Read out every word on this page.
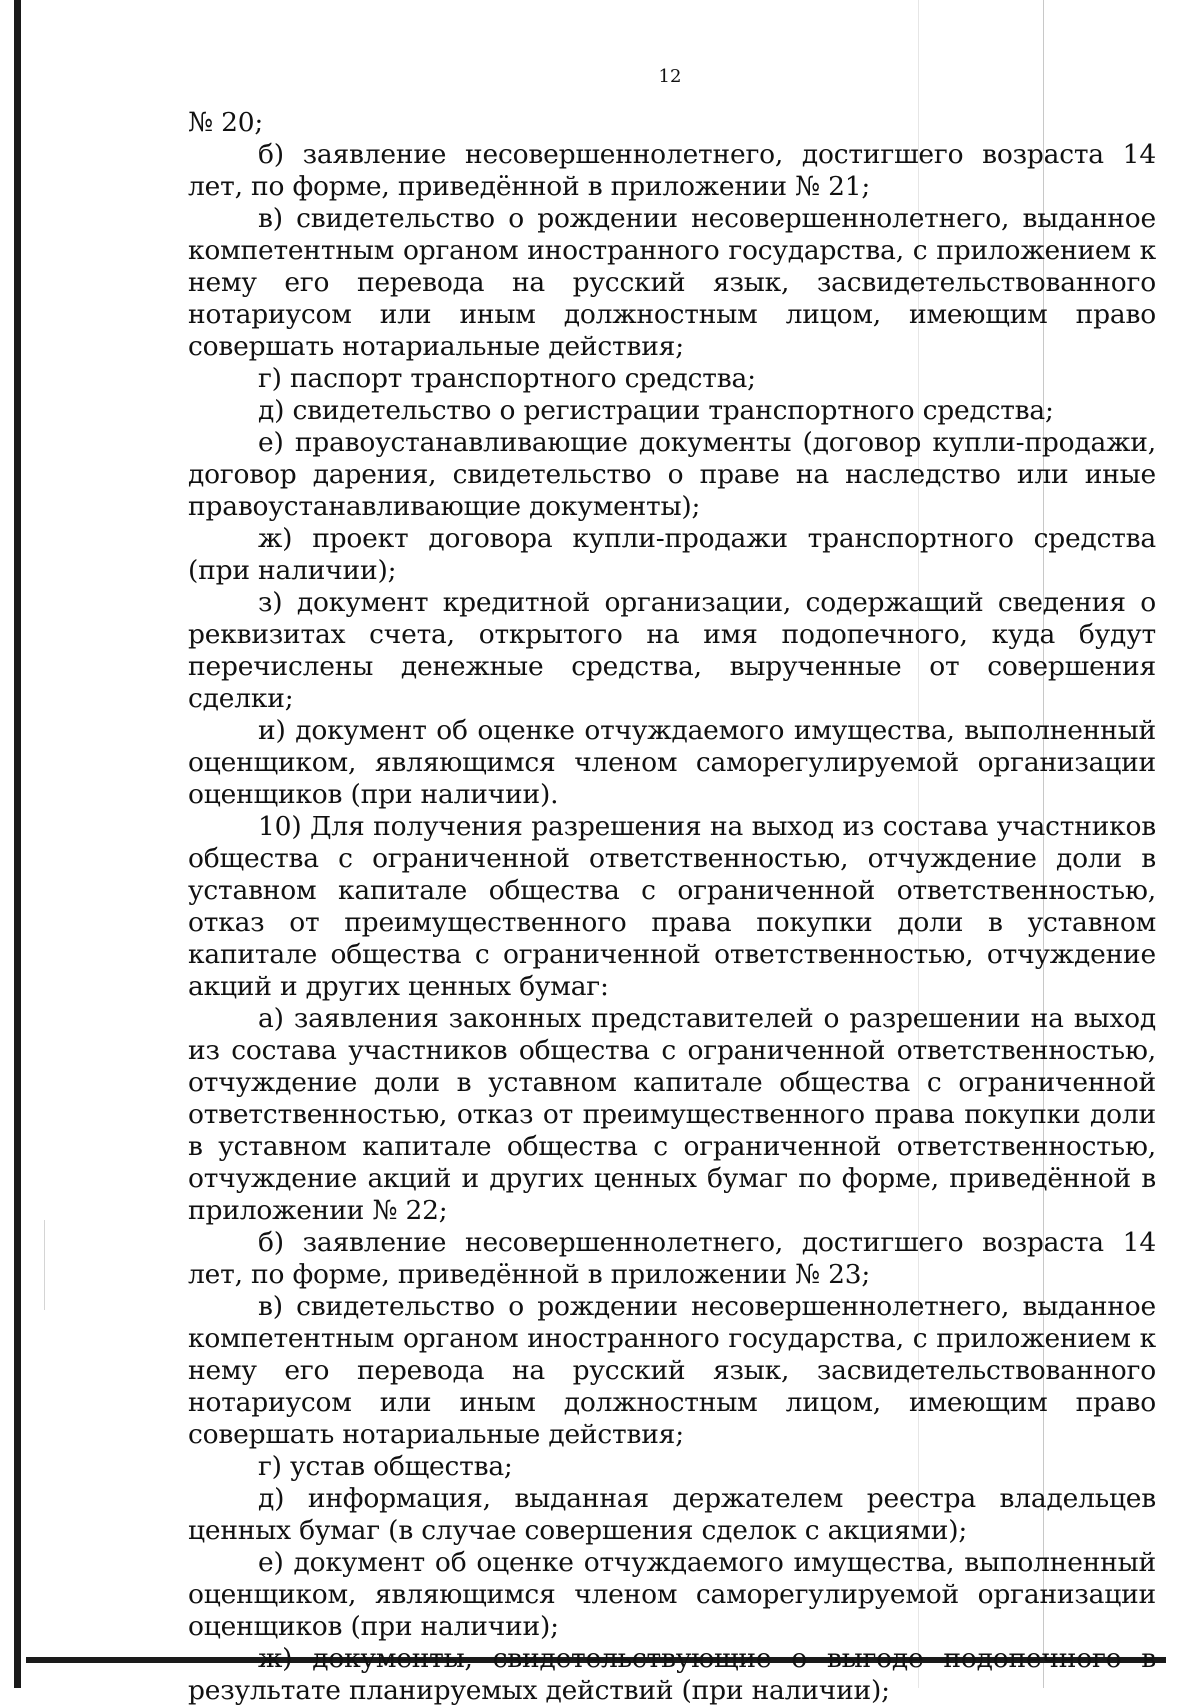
12

№ 20;

б) заявление несовершеннолетнего, достигшего возраста 14 лет, по форме, приведённой в приложении № 21;

в) свидетельство о рождении несовершеннолетнего, выданное компетентным органом иностранного государства, с приложением к нему его перевода на русский язык, засвидетельствованного нотариусом или иным должностным лицом, имеющим право совершать нотариальные действия;

г) паспорт транспортного средства;

д) свидетельство о регистрации транспортного средства;

е) правоустанавливающие документы (договор купли-продажи, договор дарения, свидетельство о праве на наследство или иные правоустанавливающие документы);

ж) проект договора купли-продажи транспортного средства (при наличии);

з) документ кредитной организации, содержащий сведения о реквизитах счета, открытого на имя подопечного, куда будут перечислены денежные средства, вырученные от совершения сделки;

и) документ об оценке отчуждаемого имущества, выполненный оценщиком, являющимся членом саморегулируемой организации оценщиков (при наличии).

10) Для получения разрешения на выход из состава участников общества с ограниченной ответственностью, отчуждение доли в уставном капитале общества с ограниченной ответственностью, отказ от преимущественного права покупки доли в уставном капитале общества с ограниченной ответственностью, отчуждение акций и других ценных бумаг:

а) заявления законных представителей о разрешении на выход из состава участников общества с ограниченной ответственностью, отчуждение доли в уставном капитале общества с ограниченной ответственностью, отказ от преимущественного права покупки доли в уставном капитале общества с ограниченной ответственностью, отчуждение акций и других ценных бумаг по форме, приведённой в приложении № 22;

б) заявление несовершеннолетнего, достигшего возраста 14 лет, по форме, приведённой в приложении № 23;

в) свидетельство о рождении несовершеннолетнего, выданное компетентным органом иностранного государства, с приложением к нему его перевода на русский язык, засвидетельствованного нотариусом или иным должностным лицом, имеющим право совершать нотариальные действия;

г) устав общества;

д) информация, выданная держателем реестра владельцев ценных бумаг (в случае совершения сделок с акциями);

е) документ об оценке отчуждаемого имущества, выполненный оценщиком, являющимся членом саморегулируемой организации оценщиков (при наличии);

ж) документы, свидетельствующие о выгоде подопечного в результате планируемых действий (при наличии);
